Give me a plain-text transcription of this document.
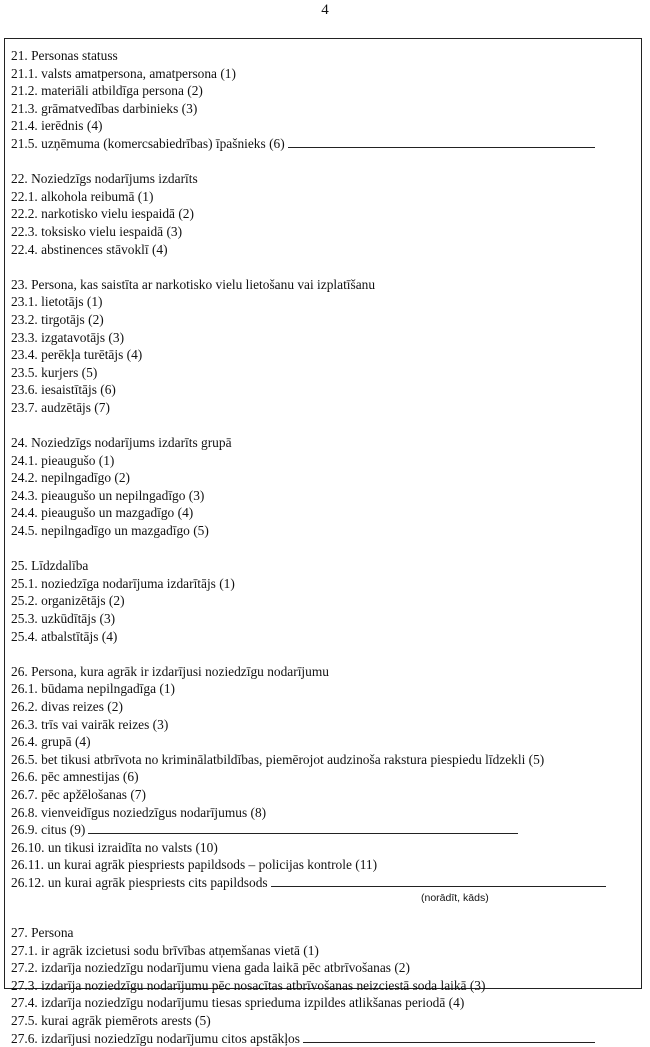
4
21. Personas statuss
21.1. valsts amatpersona, amatpersona (1)
21.2. materiāli atbildīga persona (2)
21.3. grāmatvedības darbinieks (3)
21.4. ierēdnis (4)
21.5. uzņēmuma (komercsabiedrības) īpašnieks (6)
22. Noziedzīgs nodarījums izdarīts
22.1. alkohola reibumā (1)
22.2. narkotisko vielu iespaidā (2)
22.3. toksisko vielu iespaidā (3)
22.4. abstinences stāvoklī (4)
23. Persona, kas saistīta ar narkotisko vielu lietošanu vai izplatīšanu
23.1. lietotājs (1)
23.2. tirgotājs (2)
23.3. izgatavotājs (3)
23.4. perēkļa turētājs (4)
23.5. kurjers (5)
23.6. iesaistītājs (6)
23.7. audzētājs (7)
24. Noziedzīgs nodarījums izdarīts grupā
24.1. pieaugušo (1)
24.2. nepilngadīgo (2)
24.3. pieaugušo un nepilngadīgo (3)
24.4. pieaugušo un mazgadīgo (4)
24.5. nepilngadīgo un mazgadīgo (5)
25. Līdzdalība
25.1. noziedzīga nodarījuma izdarītājs (1)
25.2. organizētājs (2)
25.3. uzkūdītājs (3)
25.4. atbalstītājs (4)
26. Persona, kura agrāk ir izdarījusi noziedzīgu nodarījumu
26.1. būdama nepilngadīga (1)
26.2. divas reizes (2)
26.3. trīs vai vairāk reizes (3)
26.4. grupā (4)
26.5. bet tikusi atbrīvota no kriminālatbildības, piemērojot audzinoša rakstura piespiedu līdzekli (5)
26.6. pēc amnestijas (6)
26.7. pēc apžēlošanas (7)
26.8. vienveidīgus noziedzīgus nodarījumus (8)
26.9. citus (9)
26.10. un tikusi izraidīta no valsts (10)
26.11. un kurai agrāk piespriests papildsods – policijas kontrole (11)
26.12. un kurai agrāk piespriests cits papildsods
(norādīt, kāds)
27. Persona
27.1. ir agrāk izcietusi sodu brīvības atņemšanas vietā (1)
27.2. izdarīja noziedzīgu nodarījumu viena gada laikā pēc atbrīvošanas (2)
27.3. izdarīja noziedzīgu nodarījumu pēc nosacītas atbrīvošanas neizciestā soda laikā (3)
27.4. izdarīja noziedzīgu nodarījumu tiesas sprieduma izpildes atlikšanas periodā (4)
27.5. kurai agrāk piemērots arests (5)
27.6. izdarījusi noziedzīgu nodarījumu citos apstākļos
